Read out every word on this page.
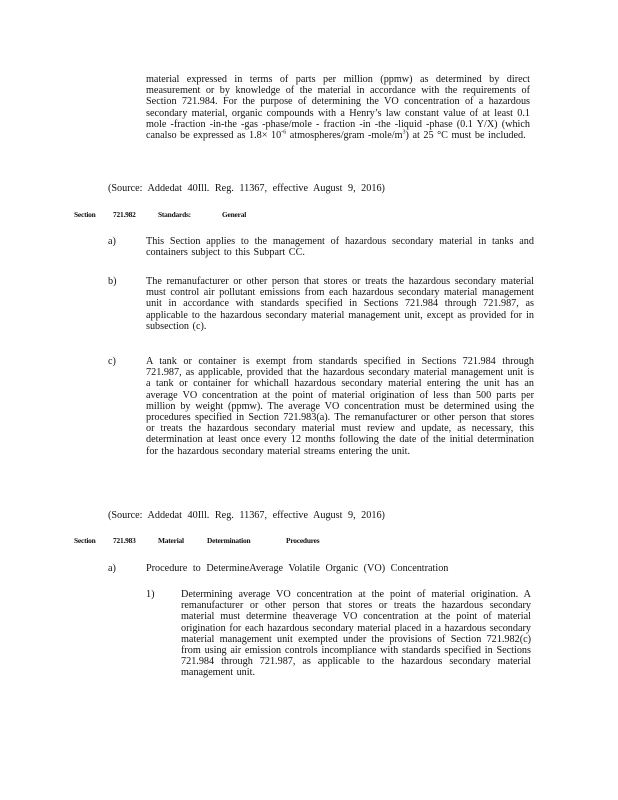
material expressed in terms of parts per million (ppmw) as determined by direct measurement or by knowledge of the material in accordance with the requirements of Section 721.984. For the purpose of determining the VO concentration of a hazardous secondary material, organic compounds with a Henry’s law constant value of at least 0.1 mole -fraction -in-the -gas -phase/mole - fraction -in -the -liquid -phase (0.1 Y/X) (which canalso be expressed as $1.8\times 10^{-6}$ atmospheres/gram $-mole/m^3$) at 25 °C must be included.
(Source: Addedat 40Ill. Reg. 11367, effective August 9, 2016)
Section 721.982	Standards:	General
a)	This Section applies to the management of hazardous secondary material in tanks and containers subject to this Subpart CC.
b)	The remanufacturer or other person that stores or treats the hazardous secondary material must control air pollutant emissions from each hazardous secondary material management unit in accordance with standards specified in Sections 721.984 through 721.987, as applicable to the hazardous secondary material management unit, except as provided for in subsection (c).
c)	A tank or container is exempt from standards specified in Sections 721.984 through 721.987, as applicable, provided that the hazardous secondary material management unit is a tank or container for whichall hazardous secondary material entering the unit has an average VO concentration at the point of material origination of less than 500 parts per million by weight (ppmw). The average VO concentration must be determined using the procedures specified in Section 721.983(a). The remanufacturer or other person that stores or treats the hazardous secondary material must review and update, as necessary, this determination at least once every 12 months following the date of the initial determination for the hazardous secondary material streams entering the unit.
(Source: Addedat 40Ill. Reg. 11367, effective August 9, 2016)
Section 721.983	Material	Determination	Procedures
a)	Procedure to DetermineAverage Volatile Organic (VO) Concentration
1)	Determining average VO concentration at the point of material origination. A remanufacturer or other person that stores or treats the hazardous secondary material must determine theaverage VO concentration at the point of material origination for each hazardous secondary material placed in a hazardous secondary material management unit exempted under the provisions of Section 721.982(c) from using air emission controls incompliance with standards specified in Sections 721.984 through 721.987, as applicable to the hazardous secondary material management unit.
